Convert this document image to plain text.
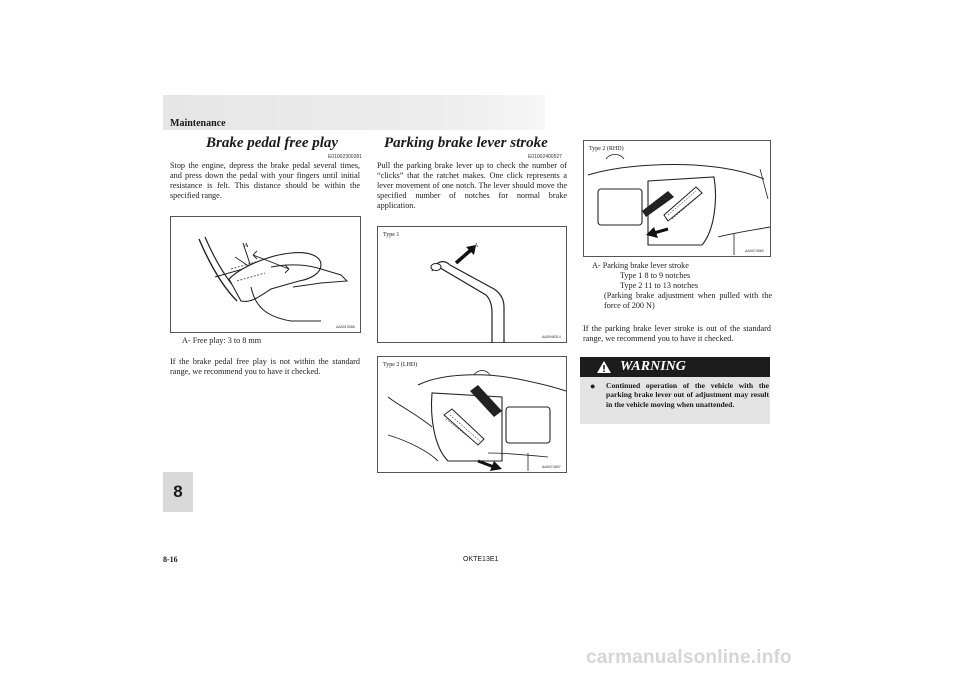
Maintenance
Brake pedal free play
E01002300281

Stop the engine, depress the brake pedal several times, and press down the pedal with your fingers until initial resistance is felt. This distance should be within the specified range.

A
AA0013086
A- Free play: 3 to 8 mm

If the brake pedal free play is not within the standard range, we recommend you to have it checked.

Parking brake lever stroke
E01002400527

Pull the parking brake lever up to check the number of “clicks” that the ratchet makes. One click represents a lever movement of one notch. The lever should move the specified number of notches for normal brake application.

Type 1
A
AA0048314
Type 2 (LHD)
AA0074557
Type 2 (RHD)
AA0074560
A- Parking brake lever stroke
Type 1 8 to 9 notches
Type 2 11 to 13 notches
(Parking brake adjustment when pulled with the force of 200 N)

If the parking brake lever stroke is out of the standard range, we recommend you to have it checked.

WARNING
● Continued operation of the vehicle with the parking brake lever out of adjustment may result in the vehicle moving when unattended.
8
8-16	OKTE13E1
carmanualsonline.info
